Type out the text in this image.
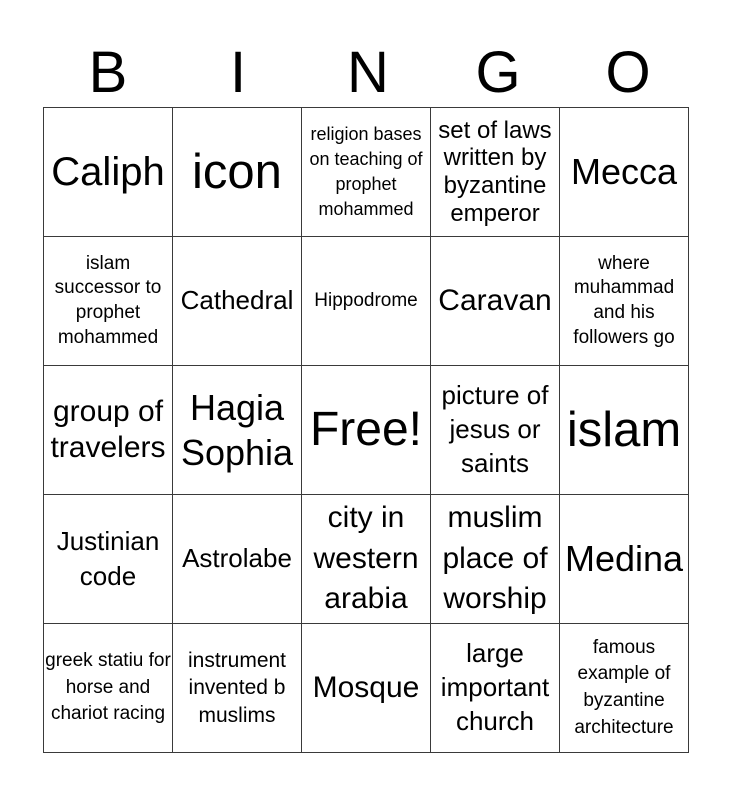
B	I	N	G	O
Caliph	icon	religion bases on teaching of prophet mohammed	set of laws written by byzantine emperor	Mecca

islam successor to prophet mohammed	Cathedral	Hippodrome	Caravan	where muhammad and his followers go

group of travelers	Hagia Sophia	Free!	picture of jesus or saints	islam

Justinian code	Astrolabe	city in western arabia	muslim place of worship	Medina

greek statiu for horse and chariot racing	instrument invented b muslims	Mosque	large important church	famous example of byzantine architecture
